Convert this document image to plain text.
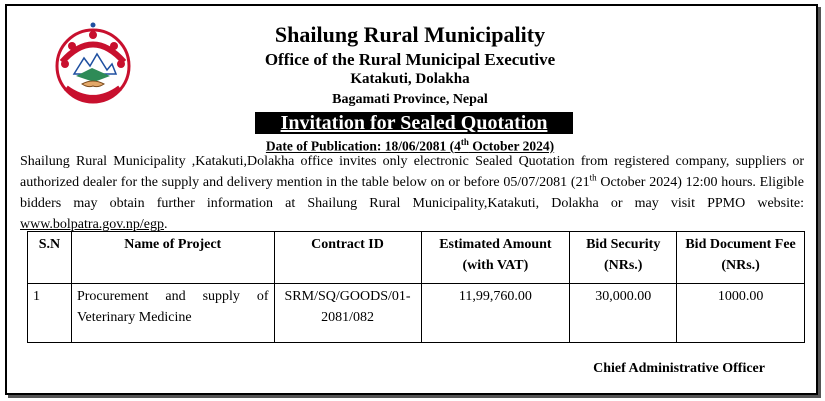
Shailung Rural Municipality
Office of the Rural Municipal Executive
Katakuti, Dolakha
Bagamati Province, Nepal
Invitation for Sealed Quotation
Date of Publication: 18/06/2081 (4th October 2024)
Shailung Rural Municipality ,Katakuti,Dolakha office invites only electronic Sealed Quotation from registered company, suppliers or authorized dealer for the supply and delivery mention in the table below on or before 05/07/2081 (21th October 2024) 12:00 hours. Eligible bidders may obtain further information at Shailung Rural Municipality,Katakuti, Dolakha or may visit PPMO website: www.bolpatra.gov.np/egp.
S.N	Name of Project	Contract ID	Estimated Amount (with VAT)	Bid Security (NRs.)	Bid Document Fee (NRs.)
1	Procurement and supply of Veterinary Medicine	SRM/SQ/GOODS/01-2081/082	11,99,760.00	30,000.00	1000.00
Chief Administrative Officer
